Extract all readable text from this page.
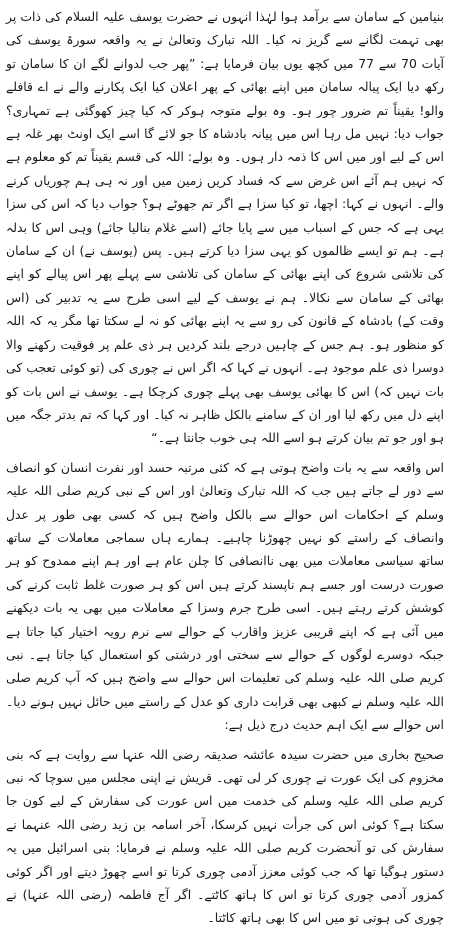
بنیامین کے سامان سے برآمد ہوا لہٰذا انہوں نے حضرت یوسف علیہ السلام کی ذات پر بھی تہمت لگانے سے گریز نہ کیا۔ اللہ تبارک وتعالیٰ نے یہ واقعہ سورۃ یوسف کی آیات 70 سے 77 میں کچھ یوں بیان فرمایا ہے: ”پھر جب لدوانے لگے ان کا سامان تو رکھ دیا ایک پیالہ سامان میں اپنے بھائی کے پھر اعلان کیا ایک پکارنے والے نے اے قافلے والو! یقیناً تم ضرور چور ہو۔ وہ بولے متوجہ ہوکر کہ کیا چیز کھوگئی ہے تمہاری؟ جواب دیا: نہیں مل رہا اس میں پیانہ بادشاہ کا جو لائے گا اسے ایک اونٹ بھر غلہ ہے اس کے لیے اور میں اس کا ذمہ دار ہوں۔ وہ بولے: اللہ کی قسم یقیناً تم کو معلوم ہے کہ نہیں ہم آئے اس غرض سے کہ فساد کریں زمین میں اور نہ ہی ہم چوریاں کرنے والے۔ انہوں نے کہا: اچھا، تو کیا سزا ہے اگر تم جھوٹے ہو؟ جواب دیا کہ اس کی سزا یہی ہے کہ جس کے اسباب میں سے پایا جائے (اسے غلام بنالیا جائے) وہی اس کا بدلہ ہے۔ ہم تو ایسے ظالموں کو یہی سزا دیا کرتے ہیں۔ پس (یوسف نے) ان کے سامان کی تلاشی شروع کی اپنے بھائی کے سامان کی تلاشی سے پہلے پھر اس پیالے کو اپنے بھائی کے سامان سے نکالا۔ ہم نے یوسف کے لیے اسی طرح سے یہ تدبیر کی (اس وقت کے) بادشاہ کے قانون کی رو سے یہ اپنے بھائی کو نہ لے سکتا تھا مگر یہ کہ اللہ کو منظور ہو۔ ہم جس کے چاہیں درجے بلند کردیں ہر ذی علم پر فوقیت رکھنے والا دوسرا ذی علم موجود ہے۔ انہوں نے کہا کہ اگر اس نے چوری کی (تو کوئی تعجب کی بات نہیں کہ) اس کا بھائی یوسف بھی پہلے چوری کرچکا ہے۔ یوسف نے اس بات کو اپنے دل میں رکھ لیا اور ان کے سامنے بالکل ظاہر نہ کیا۔ اور کہا کہ تم بدتر جگہ میں ہو اور جو تم بیان کرتے ہو اسے اللہ ہی خوب جانتا ہے۔“

اس واقعہ سے یہ بات واضح ہوتی ہے کہ کئی مرتبہ حسد اور نفرت انسان کو انصاف سے دور لے جاتے ہیں جب کہ اللہ تبارک وتعالیٰ اور اس کے نبی کریم صلی اللہ علیہ وسلم کے احکامات اس حوالے سے بالکل واضح ہیں کہ کسی بھی طور پر عدل وانصاف کے راستے کو نہیں چھوڑنا چاہیے۔ ہمارے ہاں سماجی معاملات کے ساتھ ساتھ سیاسی معاملات میں بھی ناانصافی کا چلن عام ہے اور ہم اپنے ممدوح کو ہر صورت درست اور جسے ہم ناپسند کرتے ہیں اس کو ہر صورت غلط ثابت کرنے کی کوشش کرتے رہتے ہیں۔ اسی طرح جرم وسزا کے معاملات میں بھی یہ بات دیکھنے میں آئی ہے کہ اپنے قریبی عزیز واقارب کے حوالے سے نرم رویہ اختیار کیا جاتا ہے جبکہ دوسرے لوگوں کے حوالے سے سختی اور درشتی کو استعمال کیا جاتا ہے۔ نبی کریم صلی اللہ علیہ وسلم کی تعلیمات اس حوالے سے واضح ہیں کہ آپ کریم صلی اللہ علیہ وسلم نے کبھی بھی قرابت داری کو عدل کے راستے میں حائل نہیں ہونے دیا۔ اس حوالے سے ایک اہم حدیث درج ذیل ہے:

صحیح بخاری میں حضرت سیدہ عائشہ صدیقہ رضی اللہ عنہا سے روایت ہے کہ بنی مخزوم کی ایک عورت نے چوری کر لی تھی۔ قریش نے اپنی مجلس میں سوچا کہ نبی کریم صلی اللہ علیہ وسلم کی خدمت میں اس عورت کی سفارش کے لیے کون جا سکتا ہے؟ کوئی اس کی جرأت نہیں کرسکا، آخر اسامہ بن زید رضی اللہ عنہما نے سفارش کی تو آنحضرت کریم صلی اللہ علیہ وسلم نے فرمایا: بنی اسرائیل میں یہ دستور ہوگیا تھا کہ جب کوئی معزز آدمی چوری کرتا تو اسے چھوڑ دیتے اور اگر کوئی کمزور آدمی چوری کرتا تو اس کا ہاتھ کاٹتے۔ اگر آج فاطمہ (رضی اللہ عنہا) نے چوری کی ہوتی تو میں اس کا بھی ہاتھ کاٹتا۔
